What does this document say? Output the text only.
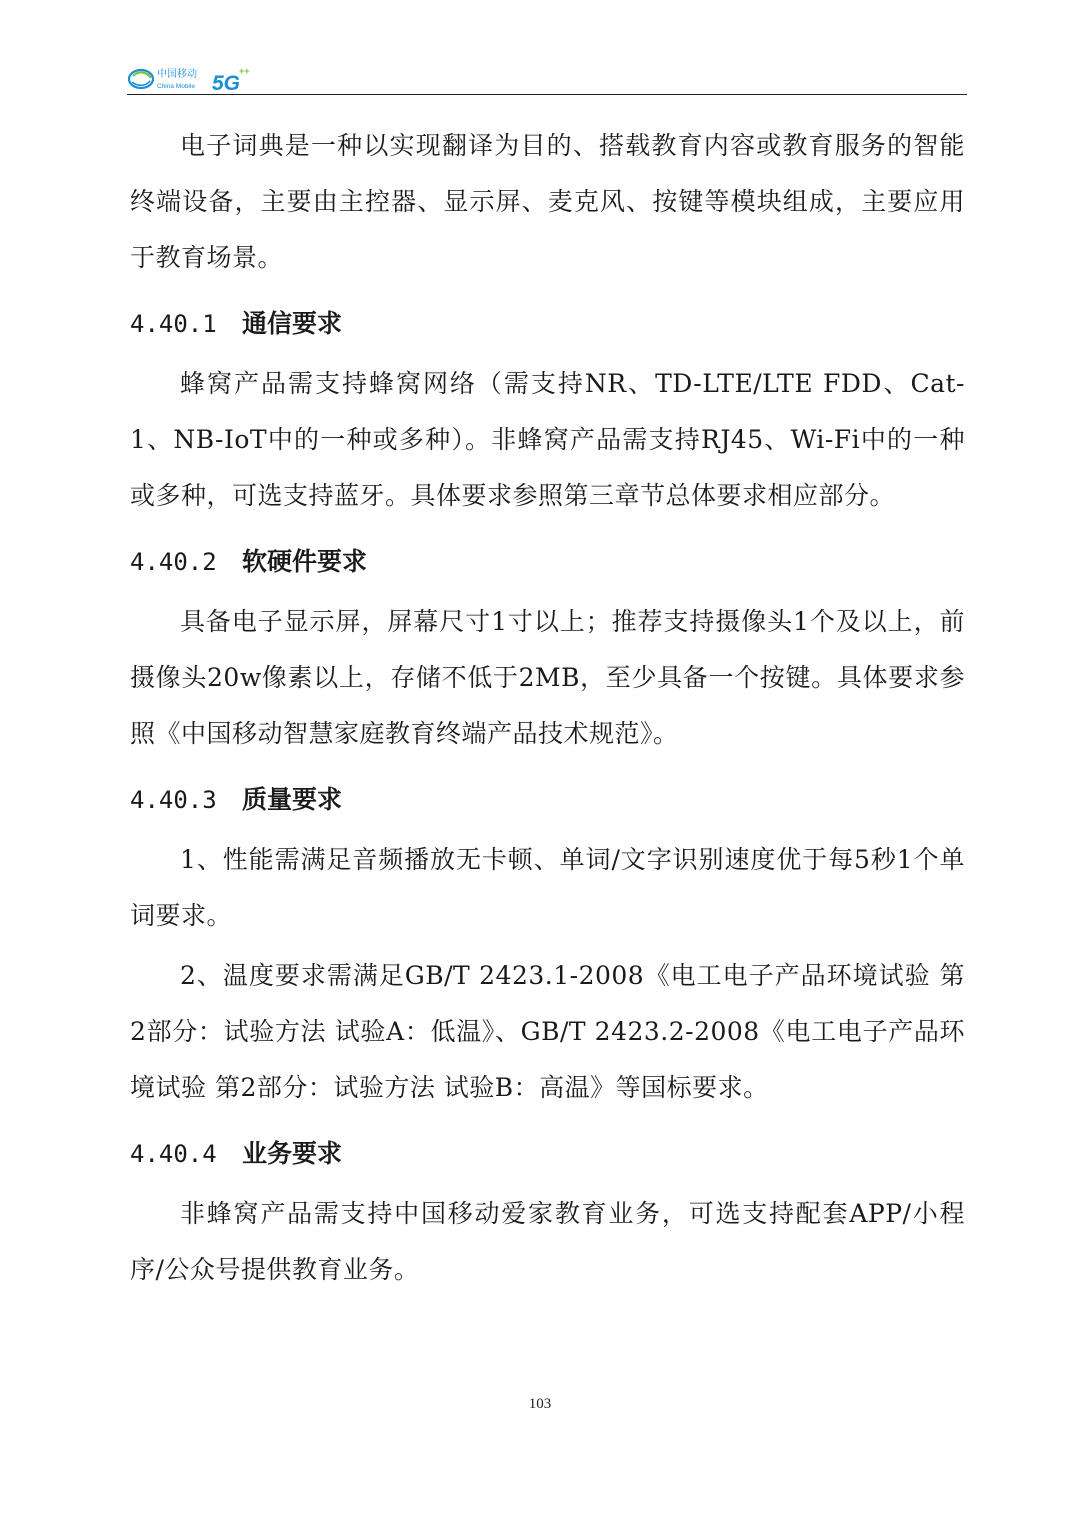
中国移动
China Mobile 5G
++

电子词典是一种以实现翻译为目的、搭载教育内容或教育服务的智能终端设备，主要由主控器、显示屏、麦克风、按键等模块组成，主要应用于教育场景。

4.40.1	通信要求

蜂窝产品需支持蜂窝网络（需支持NR、TD-LTE/LTE FDD、Cat-1、NB-IoT中的一种或多种）。非蜂窝产品需支持RJ45、Wi-Fi中的一种或多种，可选支持蓝牙。具体要求参照第三章节总体要求相应部分。

4.40.2	软硬件要求

具备电子显示屏，屏幕尺寸1寸以上；推荐支持摄像头1个及以上，前摄像头20w像素以上，存储不低于2MB，至少具备一个按键。具体要求参照《中国移动智慧家庭教育终端产品技术规范》。

4.40.3	质量要求

1、性能需满足音频播放无卡顿、单词/文字识别速度优于每5秒1个单词要求。

2、温度要求需满足GB/T 2423.1-2008《电工电子产品环境试验 第2部分：试验方法 试验A：低温》、GB/T 2423.2-2008《电工电子产品环境试验 第2部分：试验方法 试验B：高温》等国标要求。

4.40.4	业务要求

非蜂窝产品需支持中国移动爱家教育业务，可选支持配套APP/小程序/公众号提供教育业务。

103
